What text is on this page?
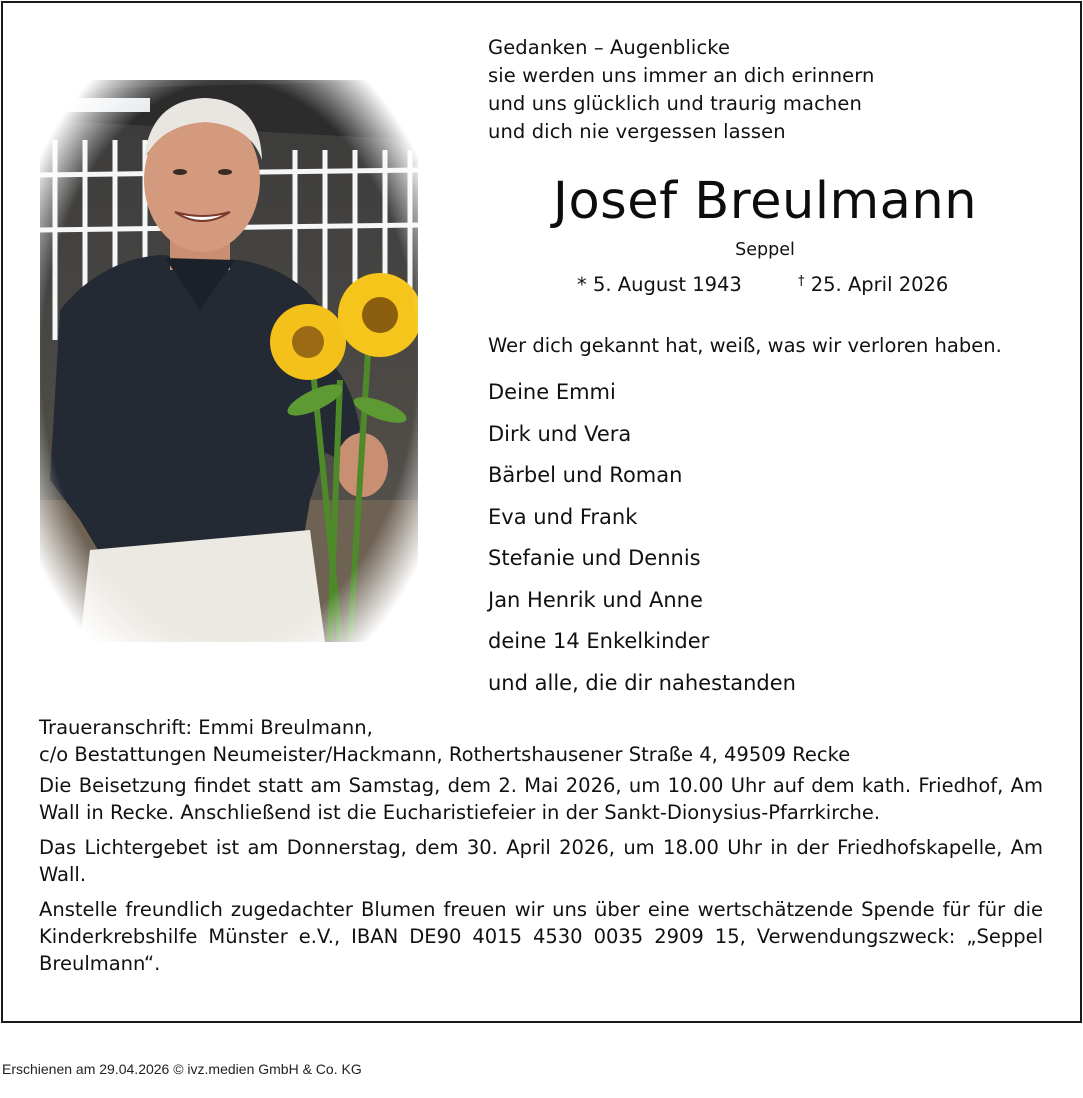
Gedanken – Augenblicke
sie werden uns immer an dich erinnern
und uns glücklich und traurig machen
und dich nie vergessen lassen
Josef Breulmann
Seppel
* 5. August 1943	† 25. April 2026
Wer dich gekannt hat, weiß, was wir verloren haben.
Deine Emmi
Dirk und Vera
Bärbel und Roman
Eva und Frank
Stefanie und Dennis
Jan Henrik und Anne
deine 14 Enkelkinder
und alle, die dir nahestanden

Traueranschrift: Emmi Breulmann,
c/o Bestattungen Neumeister/Hackmann, Rothertshausener Straße 4, 49509 Recke

Die Beisetzung findet statt am Samstag, dem 2. Mai 2026, um 10.00 Uhr auf dem kath. Friedhof, Am Wall in Recke. Anschließend ist die Eucharistiefeier in der Sankt-Dionysius-Pfarrkirche.

Das Lichtergebet ist am Donnerstag, dem 30. April 2026, um 18.00 Uhr in der Friedhofskapelle, Am Wall.

Anstelle freundlich zugedachter Blumen freuen wir uns über eine wertschätzende Spende für für die Kinderkrebshilfe Münster e.V., IBAN DE90 4015 4530 0035 2909 15, Verwendungszweck: „Seppel Breulmann“.

Erschienen am 29.04.2026 © ivz.medien GmbH & Co. KG
